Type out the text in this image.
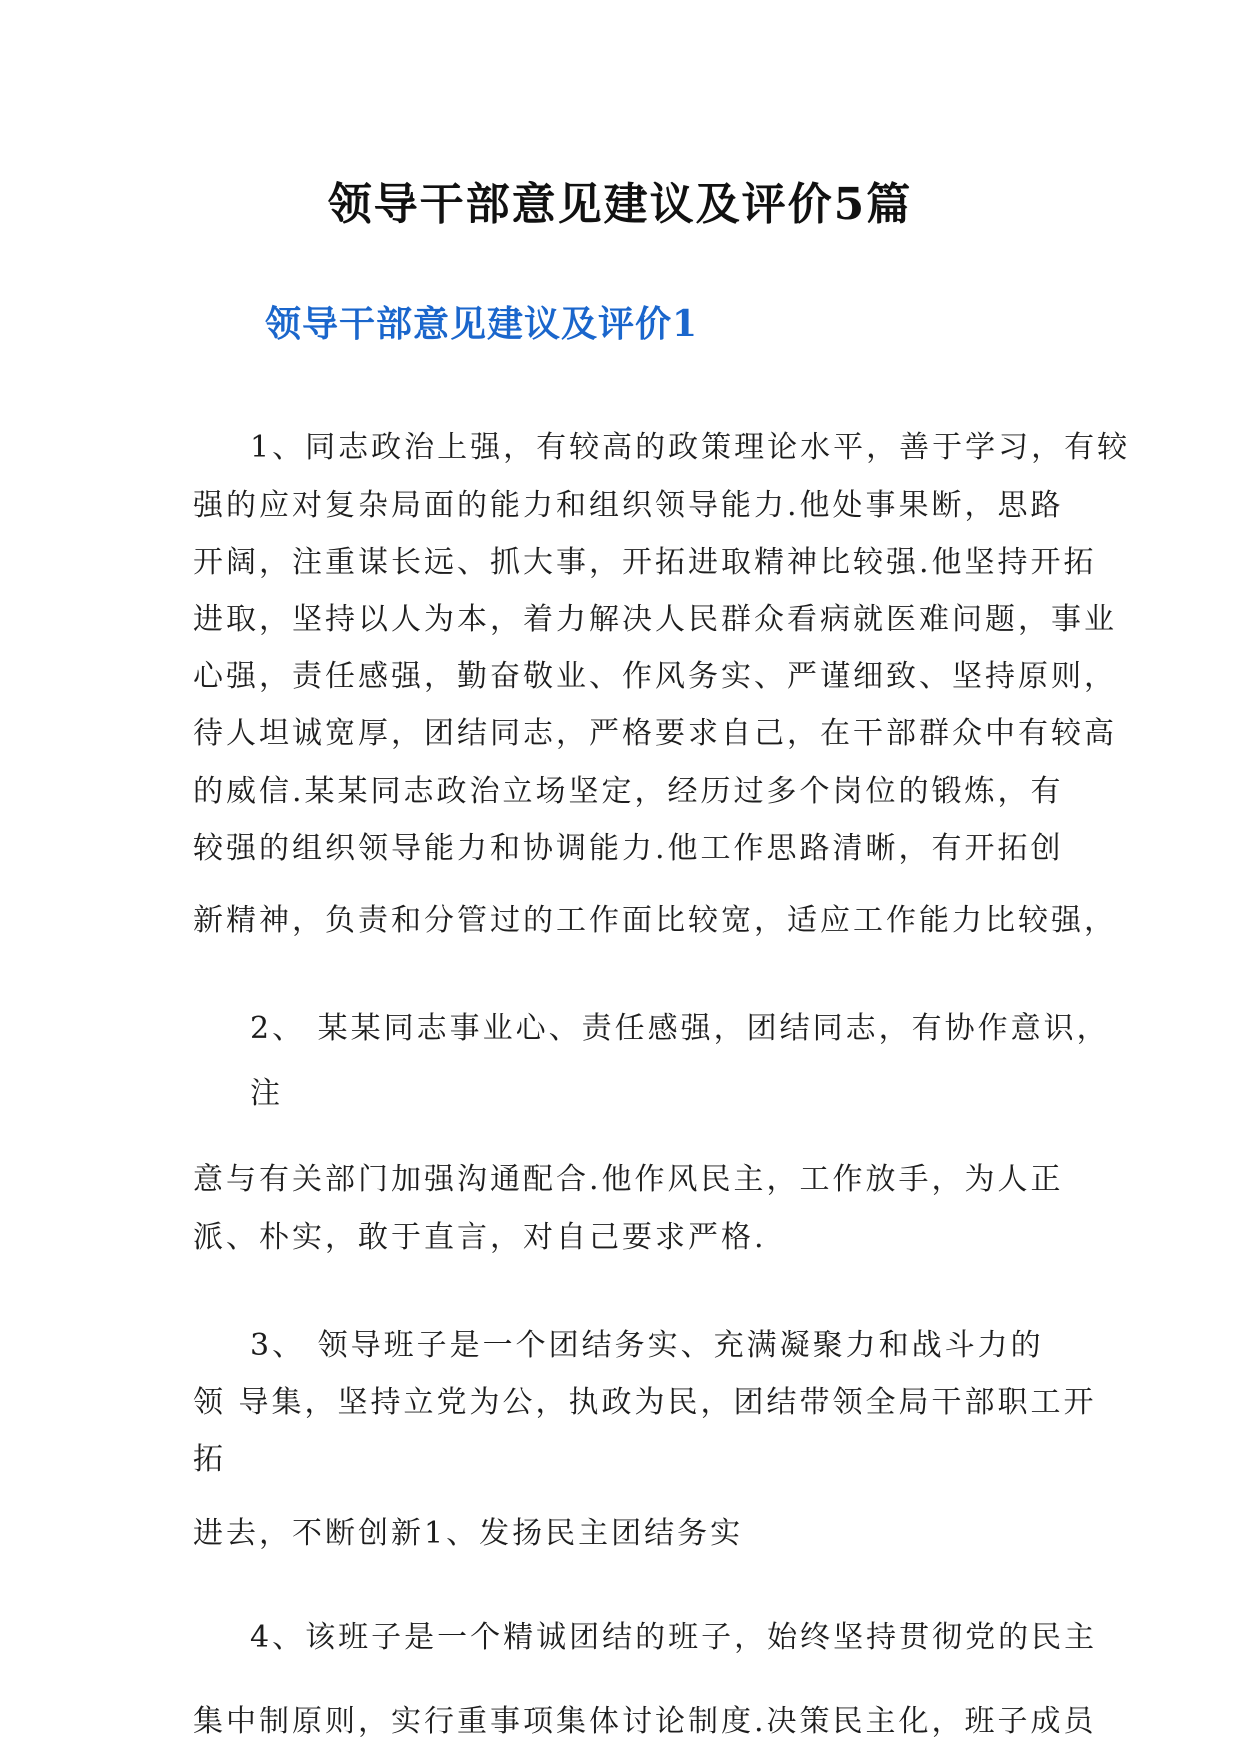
领导干部意见建议及评价5篇
领导干部意见建议及评价1
1、同志政治上强，有较高的政策理论水平，善于学习，有较
强的应对复杂局面的能力和组织领导能力.他处事果断，思路
开阔，注重谋长远、抓大事，开拓进取精神比较强.他坚持开拓
进取，坚持以人为本，着力解决人民群众看病就医难问题，事业
心强，责任感强，勤奋敬业、作风务实、严谨细致、坚持原则，
待人坦诚宽厚，团结同志，严格要求自己，在干部群众中有较高
的威信.某某同志政治立场坚定，经历过多个岗位的锻炼，有
较强的组织领导能力和协调能力.他工作思路清晰，有开拓创
新精神，负责和分管过的工作面比较宽，适应工作能力比较强，
2、 某某同志事业心、责任感强，团结同志，有协作意识，
注
意与有关部门加强沟通配合.他作风民主，工作放手，为人正
派、朴实，敢于直言，对自己要求严格.
3、 领导班子是一个团结务实、充满凝聚力和战斗力的
领 导集，坚持立党为公，执政为民，团结带领全局干部职工开
拓
进去，不断创新1、发扬民主团结务实
4、该班子是一个精诚团结的班子，始终坚持贯彻党的民主
集中制原则，实行重事项集体讨论制度.决策民主化，班子成员
